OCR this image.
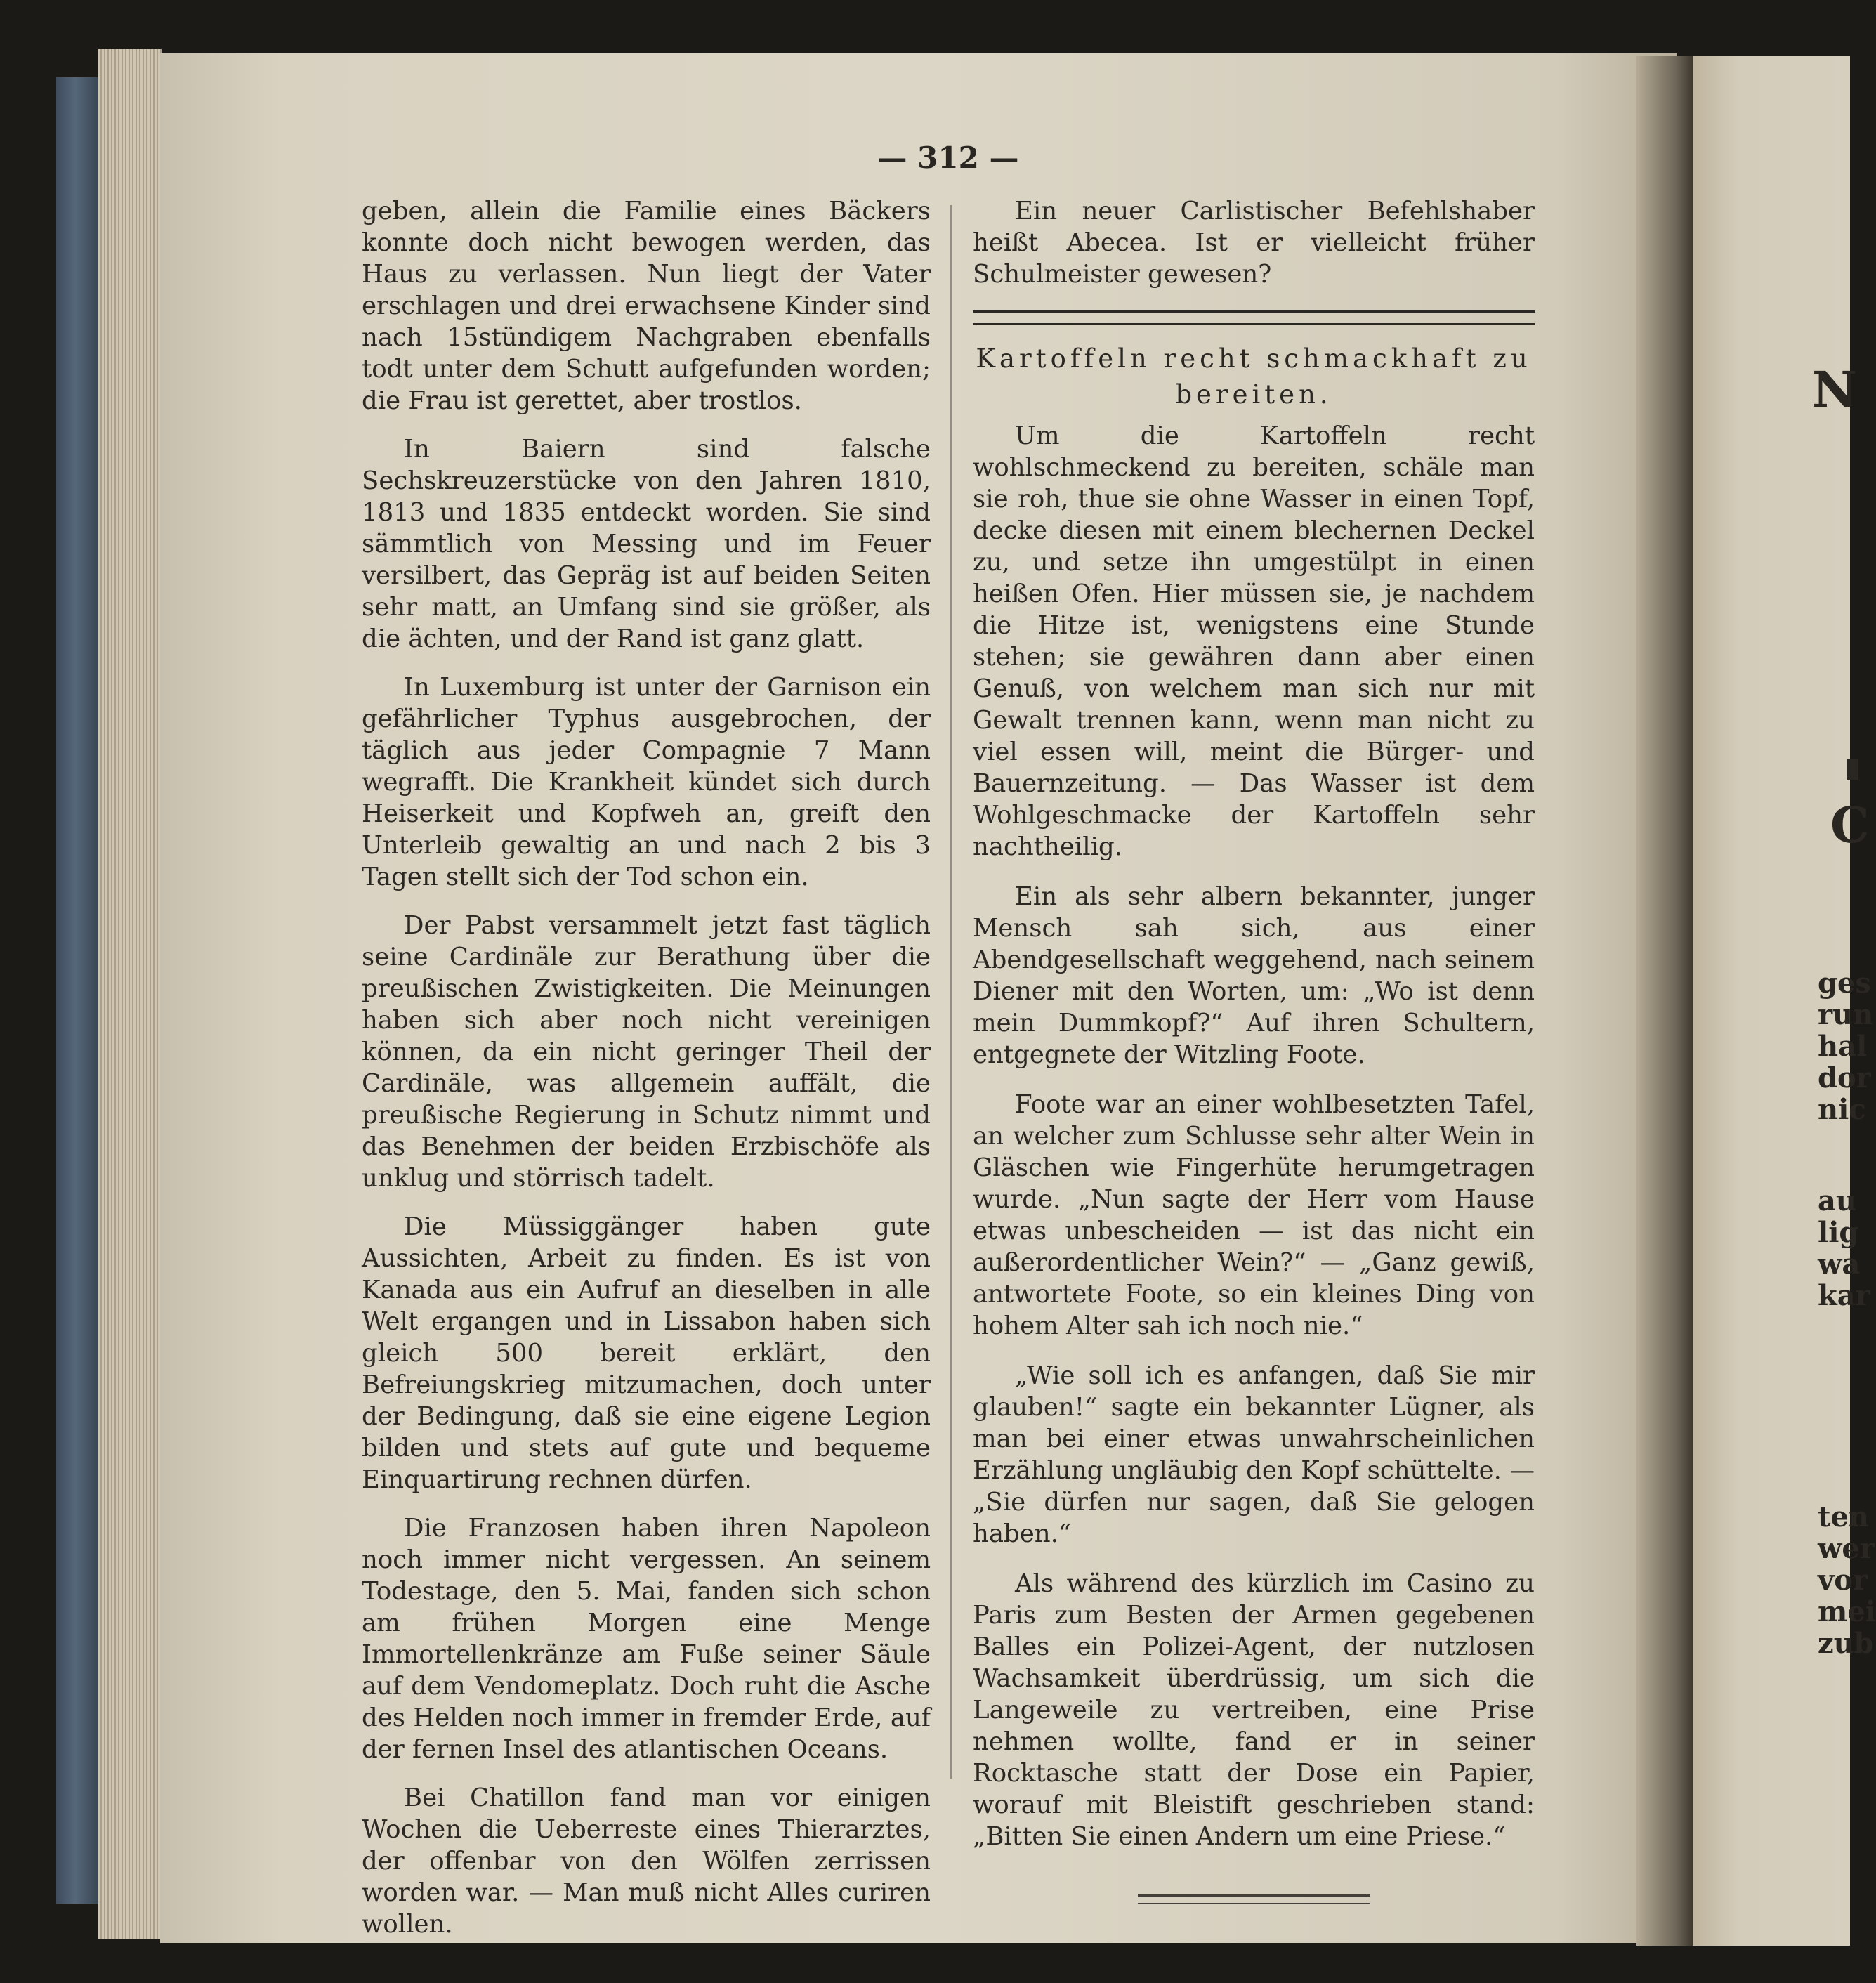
— 312 —

geben, allein die Familie eines Bäckers konnte doch nicht bewogen werden, das Haus zu verlassen. Nun liegt der Vater erschlagen und drei erwachsene Kinder sind nach 15stündigem Nachgraben ebenfalls todt unter dem Schutt aufgefunden worden; die Frau ist gerettet, aber trostlos.

In Baiern sind falsche Sechskreuzerstücke von den Jahren 1810, 1813 und 1835 entdeckt worden. Sie sind sämmtlich von Messing und im Feuer versilbert, das Gepräg ist auf beiden Seiten sehr matt, an Umfang sind sie größer, als die ächten, und der Rand ist ganz glatt.

In Luxemburg ist unter der Garnison ein gefährlicher Typhus ausgebrochen, der täglich aus jeder Compagnie 7 Mann wegrafft. Die Krankheit kündet sich durch Heiserkeit und Kopfweh an, greift den Unterleib gewaltig an und nach 2 bis 3 Tagen stellt sich der Tod schon ein.

Der Pabst versammelt jetzt fast täglich seine Cardinäle zur Berathung über die preußischen Zwistigkeiten. Die Meinungen haben sich aber noch nicht vereinigen können, da ein nicht geringer Theil der Cardinäle, was allgemein auffält, die preußische Regierung in Schutz nimmt und das Benehmen der beiden Erzbischöfe als unklug und störrisch tadelt.

Die Müssiggänger haben gute Aussichten, Arbeit zu finden. Es ist von Kanada aus ein Aufruf an dieselben in alle Welt ergangen und in Lissabon haben sich gleich 500 bereit erklärt, den Befreiungskrieg mitzumachen, doch unter der Bedingung, daß sie eine eigene Legion bilden und stets auf gute und bequeme Einquartirung rechnen dürfen.

Die Franzosen haben ihren Napoleon noch immer nicht vergessen. An seinem Todestage, den 5. Mai, fanden sich schon am frühen Morgen eine Menge Immortellenkränze am Fuße seiner Säule auf dem Vendomeplatz. Doch ruht die Asche des Helden noch immer in fremder Erde, auf der fernen Insel des atlantischen Oceans.

Bei Chatillon fand man vor einigen Wochen die Ueberreste eines Thierarztes, der offenbar von den Wölfen zerrissen worden war. — Man muß nicht Alles curiren wollen.

Ein neuer Carlistischer Befehlshaber heißt Abecea. Ist er vielleicht früher Schulmeister gewesen?

Kartoffeln recht schmackhaft zu
bereiten.

Um die Kartoffeln recht wohlschmeckend zu bereiten, schäle man sie roh, thue sie ohne Wasser in einen Topf, decke diesen mit einem blechernen Deckel zu, und setze ihn umgestülpt in einen heißen Ofen. Hier müssen sie, je nachdem die Hitze ist, wenigstens eine Stunde stehen; sie gewähren dann aber einen Genuß, von welchem man sich nur mit Gewalt trennen kann, wenn man nicht zu viel essen will, meint die Bürger- und Bauernzeitung. — Das Wasser ist dem Wohlgeschmacke der Kartoffeln sehr nachtheilig.

Ein als sehr albern bekannter, junger Mensch sah sich, aus einer Abendgesellschaft weggehend, nach seinem Diener mit den Worten, um: „Wo ist denn mein Dummkopf?“ Auf ihren Schultern, entgegnete der Witzling Foote.

Foote war an einer wohlbesetzten Tafel, an welcher zum Schlusse sehr alter Wein in Gläschen wie Fingerhüte herumgetragen wurde. „Nun sagte der Herr vom Hause etwas unbescheiden — ist das nicht ein außerordentlicher Wein?“ — „Ganz gewiß, antwortete Foote, so ein kleines Ding von hohem Alter sah ich noch nie.“

„Wie soll ich es anfangen, daß Sie mir glauben!“ sagte ein bekannter Lügner, als man bei einer etwas unwahrscheinlichen Erzählung ungläubig den Kopf schüttelte. — „Sie dürfen nur sagen, daß Sie gelogen haben.“

Als während des kürzlich im Casino zu Paris zum Besten der Armen gegebenen Balles ein Polizei-Agent, der nutzlosen Wachsamkeit überdrüssig, um sich die Langeweile zu vertreiben, eine Prise nehmen wollte, fand er in seiner Rocktasche statt der Dose ein Papier, worauf mit Bleistift geschrieben stand: „Bitten Sie einen Andern um eine Priese.“

N
C
ges
run
hal
dor
nic
au
lig
wa
kar
ten
wer
vor
mei
zub
